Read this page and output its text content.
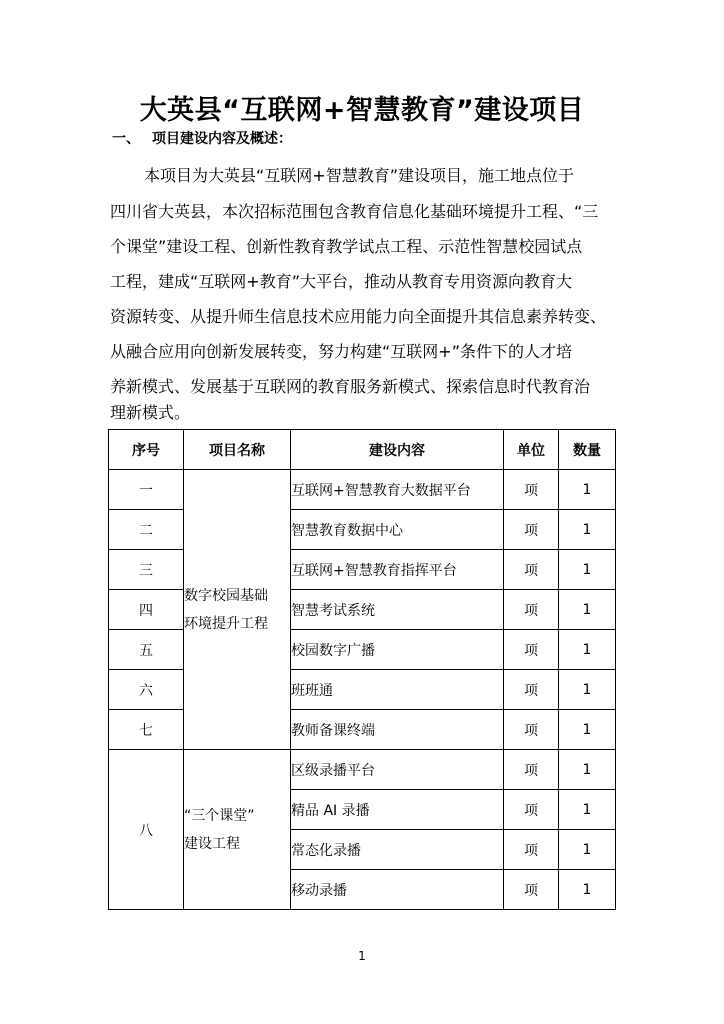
大英县“互联网+智慧教育”建设项目
一、 项目建设内容及概述：
本项目为大英县“互联网+智慧教育”建设项目，施工地点位于
四川省大英县，本次招标范围包含教育信息化基础环境提升工程、“三
个课堂”建设工程、创新性教育教学试点工程、示范性智慧校园试点
工程，建成“互联网+教育”大平台，推动从教育专用资源向教育大
资源转变、从提升师生信息技术应用能力向全面提升其信息素养转变、
从融合应用向创新发展转变，努力构建“互联网+”条件下的人才培
养新模式、发展基于互联网的教育服务新模式、探索信息时代教育治
理新模式。
序号	项目名称	建设内容	单位	数量
一	数字校园基础
环境提升工程	互联网+智慧教育大数据平台	项	1
二		智慧教育数据中心	项	1
三		互联网+智慧教育指挥平台	项	1
四		智慧考试系统	项	1
五		校园数字广播	项	1
六		班班通	项	1
七		教师备课终端	项	1
八	“三个课堂”
建设工程	区级录播平台	项	1
		精品 AI 录播	项	1
		常态化录播	项	1
		移动录播	项	1
1
